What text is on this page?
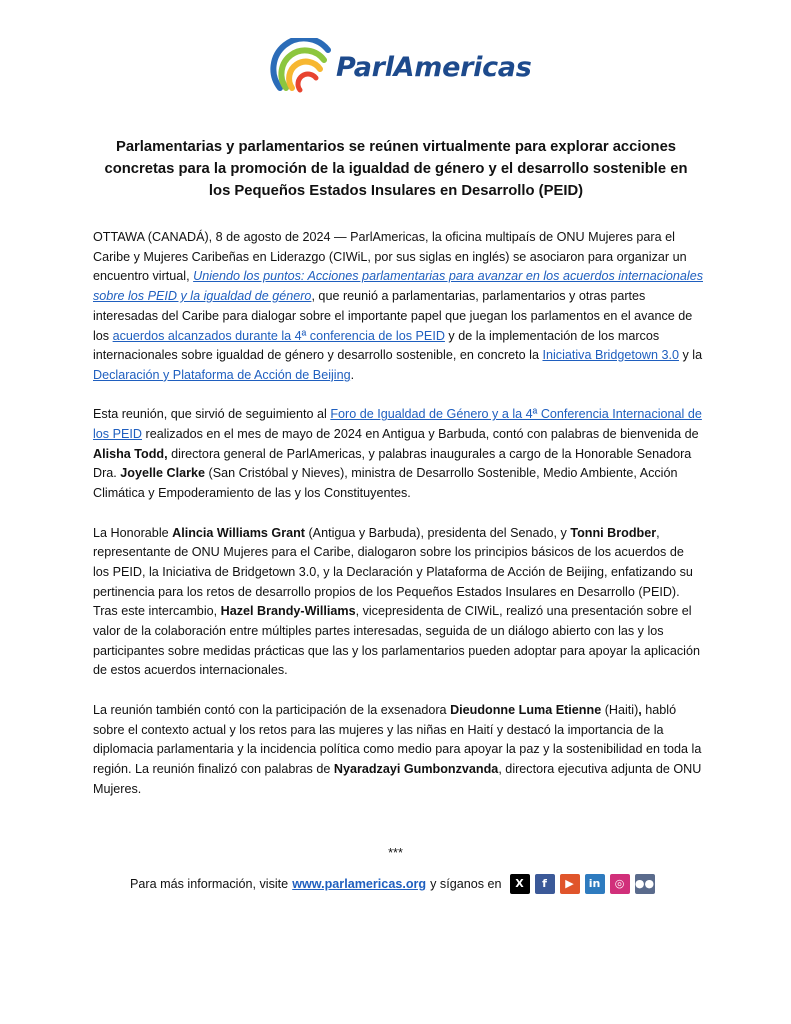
ParlAmericas
Parlamentarias y parlamentarios se reúnen virtualmente para explorar acciones concretas para la promoción de la igualdad de género y el desarrollo sostenible en los Pequeños Estados Insulares en Desarrollo (PEID)

OTTAWA (CANADÁ), 8 de agosto de 2024 — ParlAmericas, la oficina multipaís de ONU Mujeres para el Caribe y Mujeres Caribeñas en Liderazgo (CIWiL, por sus siglas en inglés) se asociaron para organizar un encuentro virtual, Uniendo los puntos: Acciones parlamentarias para avanzar en los acuerdos internacionales sobre los PEID y la igualdad de género, que reunió a parlamentarias, parlamentarios y otras partes interesadas del Caribe para dialogar sobre el importante papel que juegan los parlamentos en el avance de los acuerdos alcanzados durante la 4ª conferencia de los PEID y de la implementación de los marcos internacionales sobre igualdad de género y desarrollo sostenible, en concreto la Iniciativa Bridgetown 3.0 y la Declaración y Plataforma de Acción de Beijing.

Esta reunión, que sirvió de seguimiento al Foro de Igualdad de Género y a la 4ª Conferencia Internacional de los PEID realizados en el mes de mayo de 2024 en Antigua y Barbuda, contó con palabras de bienvenida de Alisha Todd, directora general de ParlAmericas, y palabras inaugurales a cargo de la Honorable Senadora Dra. Joyelle Clarke (San Cristóbal y Nieves), ministra de Desarrollo Sostenible, Medio Ambiente, Acción Climática y Empoderamiento de las y los Constituyentes.

La Honorable Alincia Williams Grant (Antigua y Barbuda), presidenta del Senado, y Tonni Brodber, representante de ONU Mujeres para el Caribe, dialogaron sobre los principios básicos de los acuerdos de los PEID, la Iniciativa de Bridgetown 3.0, y la Declaración y Plataforma de Acción de Beijing, enfatizando su pertinencia para los retos de desarrollo propios de los Pequeños Estados Insulares en Desarrollo (PEID). Tras este intercambio, Hazel Brandy-Williams, vicepresidenta de CIWiL, realizó una presentación sobre el valor de la colaboración entre múltiples partes interesadas, seguida de un diálogo abierto con las y los participantes sobre medidas prácticas que las y los parlamentarios pueden adoptar para apoyar la aplicación de estos acuerdos internacionales.

La reunión también contó con la participación de la exsenadora Dieudonne Luma Etienne (Haiti), habló sobre el contexto actual y los retos para las mujeres y las niñas en Haití y destacó la importancia de la diplomacia parlamentaria y la incidencia política como medio para apoyar la paz y la sostenibilidad en toda la región. La reunión finalizó con palabras de Nyaradzayi Gumbonzvanda, directora ejecutiva adjunta de ONU Mujeres.

***
Para más información, visite www.parlamericas.org y síganos en	X	f	▶	in	◎ ●●
